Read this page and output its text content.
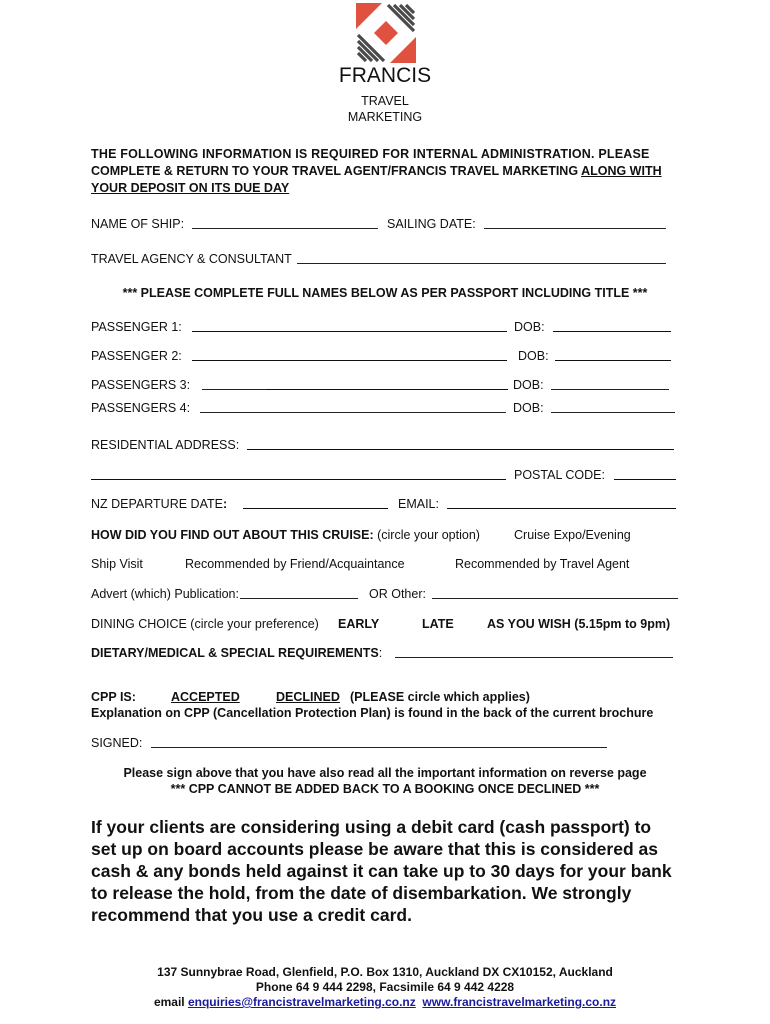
FRANCIS
TRAVEL
MARKETING
THE FOLLOWING INFORMATION IS REQUIRED FOR INTERNAL ADMINISTRATION. PLEASE
COMPLETE & RETURN TO YOUR TRAVEL AGENT/FRANCIS TRAVEL MARKETING ALONG WITH
YOUR DEPOSIT ON ITS DUE DAY
NAME OF SHIP:	SAILING DATE:
TRAVEL AGENCY & CONSULTANT
*** PLEASE COMPLETE FULL NAMES BELOW AS PER PASSPORT INCLUDING TITLE ***
PASSENGER 1:	DOB:
PASSENGER 2:	DOB:
PASSENGERS 3:	DOB:
PASSENGERS 4:	DOB:
RESIDENTIAL ADDRESS:
POSTAL CODE:
NZ DEPARTURE DATE:	EMAIL:
HOW DID YOU FIND OUT ABOUT THIS CRUISE: (circle your option)	Cruise Expo/Evening
Ship Visit	Recommended by Friend/Acquaintance	Recommended by Travel Agent
Advert (which) Publication:	OR Other:
DINING CHOICE (circle your preference) EARLY	LATE	AS YOU WISH (5.15pm to 9pm)
DIETARY/MEDICAL & SPECIAL REQUIREMENTS:
CPP IS:	ACCEPTED	DECLINED (PLEASE circle which applies)
Explanation on CPP (Cancellation Protection Plan) is found in the back of the current brochure
SIGNED:
Please sign above that you have also read all the important information on reverse page
*** CPP CANNOT BE ADDED BACK TO A BOOKING ONCE DECLINED ***
If your clients are considering using a debit card (cash passport) to
set up on board accounts please be aware that this is considered as
cash & any bonds held against it can take up to 30 days for your bank
to release the hold, from the date of disembarkation. We strongly
recommend that you use a credit card.
137 Sunnybrae Road, Glenfield, P.O. Box 1310, Auckland DX CX10152, Auckland
Phone 64 9 444 2298, Facsimile 64 9 442 4228
email enquiries@francistravelmarketing.co.nz www.francistravelmarketing.co.nz
